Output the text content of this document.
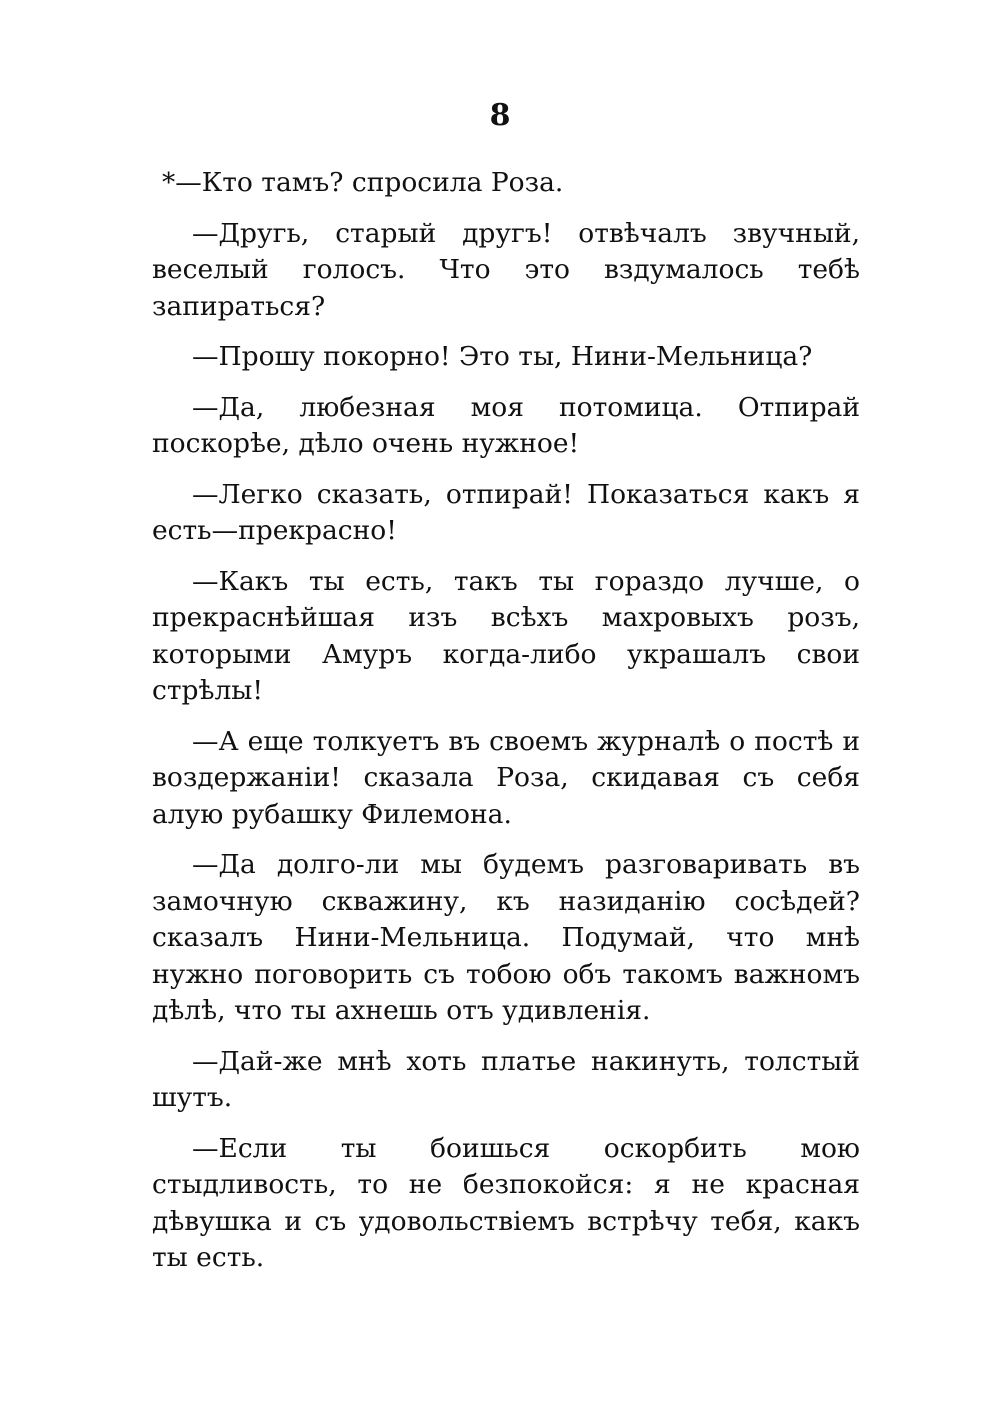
8

*—Кто тамъ? спросила Роза.

—Другь, старый другъ! отвѣчалъ звучный, веселый голосъ. Что это вздумалось тебѣ запираться?

—Прошу покорно! Это ты, Нини-Мельница?

—Да, любезная моя потомица. Отпирай поскорѣе, дѣло очень нужное!

—Легко сказать, отпирай! Показаться какъ я есть—прекрасно!

—Какъ ты есть, такъ ты гораздо лучше, о прекраснѣйшая изъ всѣхъ махровыхъ розъ, которыми Амуръ когда-либо украшалъ свои стрѣлы!

—А еще толкуетъ въ своемъ журналѣ о постѣ и воздержаніи! сказала Роза, скидавая съ себя алую рубашку Филемона.

—Да долго-ли мы будемъ разговаривать въ замочную скважину, къ назиданію сосѣдей? сказалъ Нини-Мельница. Подумай, что мнѣ нужно поговорить съ тобою объ такомъ важномъ дѣлѣ, что ты ахнешь отъ удивленія.

—Дай-же мнѣ хоть платье накинуть, толстый шутъ.

—Если ты боишься оскорбить мою стыдливость, то не безпокойся: я не красная дѣвушка и съ удовольствіемъ встрѣчу тебя, какъ ты есть.
